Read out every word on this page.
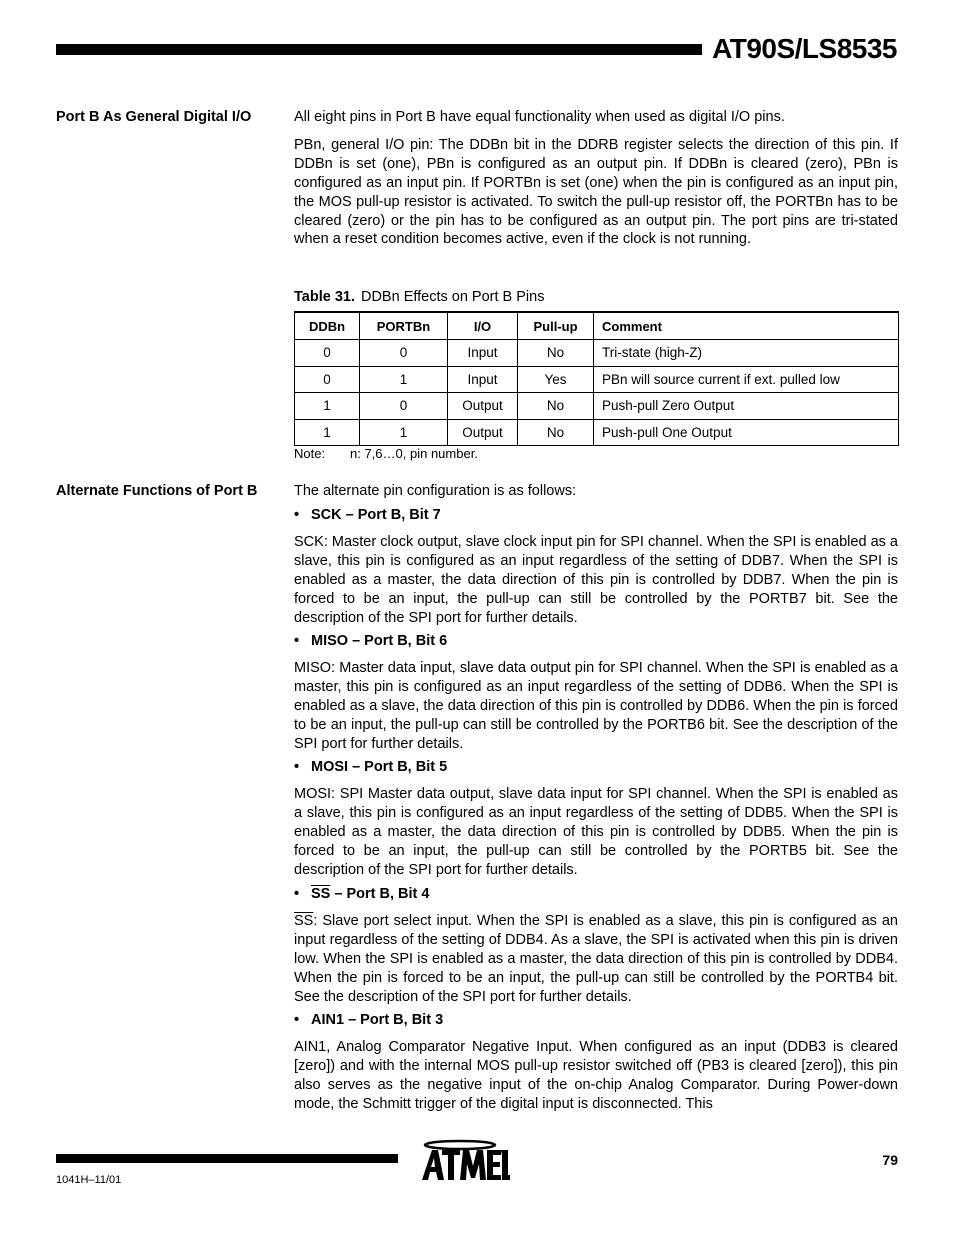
AT90S/LS8535
Port B As General Digital I/O	All eight pins in Port B have equal functionality when used as digital I/O pins.

PBn, general I/O pin: The DDBn bit in the DDRB register selects the direction of this pin. If DDBn is set (one), PBn is configured as an output pin. If DDBn is cleared (zero), PBn is configured as an input pin. If PORTBn is set (one) when the pin is configured as an input pin, the MOS pull-up resistor is activated. To switch the pull-up resistor off, the PORTBn has to be cleared (zero) or the pin has to be configured as an output pin. The port pins are tri-stated when a reset condition becomes active, even if the clock is not running.

Table 31. DDBn Effects on Port B Pins
DDBn	PORTBn	I/O	Pull-up	Comment
0	0	Input	No	Tri-state (high-Z)
0	1	Input	Yes	PBn will source current if ext. pulled low
1	0	Output	No	Push-pull Zero Output
1	1	Output	No	Push-pull One Output
Note: n: 7,6…0, pin number.
Alternate Functions of Port B	The alternate pin configuration is as follows:

• SCK – Port B, Bit 7

SCK: Master clock output, slave clock input pin for SPI channel. When the SPI is enabled as a slave, this pin is configured as an input regardless of the setting of DDB7. When the SPI is enabled as a master, the data direction of this pin is controlled by DDB7. When the pin is forced to be an input, the pull-up can still be controlled by the PORTB7 bit. See the description of the SPI port for further details.

• MISO – Port B, Bit 6

MISO: Master data input, slave data output pin for SPI channel. When the SPI is enabled as a master, this pin is configured as an input regardless of the setting of DDB6. When the SPI is enabled as a slave, the data direction of this pin is controlled by DDB6. When the pin is forced to be an input, the pull-up can still be controlled by the PORTB6 bit. See the description of the SPI port for further details.

• MOSI – Port B, Bit 5

MOSI: SPI Master data output, slave data input for SPI channel. When the SPI is enabled as a slave, this pin is configured as an input regardless of the setting of DDB5. When the SPI is enabled as a master, the data direction of this pin is controlled by DDB5. When the pin is forced to be an input, the pull-up can still be controlled by the PORTB5 bit. See the description of the SPI port for further details.

• $\overline{SS}$ – Port B, Bit 4

$\overline{SS}$: Slave port select input. When the SPI is enabled as a slave, this pin is configured as an input regardless of the setting of DDB4. As a slave, the SPI is activated when this pin is driven low. When the SPI is enabled as a master, the data direction of this pin is controlled by DDB4. When the pin is forced to be an input, the pull-up can still be controlled by the PORTB4 bit. See the description of the SPI port for further details.

• AIN1 – Port B, Bit 3

AIN1, Analog Comparator Negative Input. When configured as an input (DDB3 is cleared [zero]) and with the internal MOS pull-up resistor switched off (PB3 is cleared [zero]), this pin also serves as the negative input of the on-chip Analog Comparator. During Power-down mode, the Schmitt trigger of the digital input is disconnected. This

ATMEL
79
1041H–11/01
